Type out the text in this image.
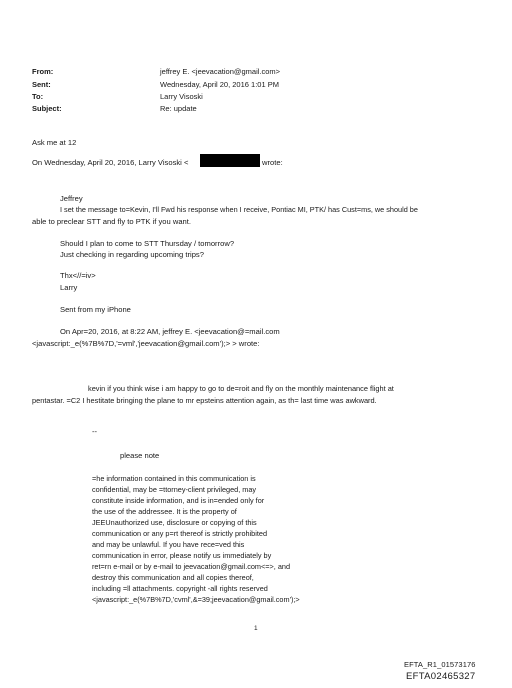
From:	jeffrey E. <jeevacation@gmail.com>
Sent:	Wednesday, April 20, 2016 1:01 PM
To:	Larry Visoski
Subject:	Re: update
Ask me at 12
On Wednesday, April 20, 2016, Larry Visoski <	wrote:
Jeffrey
I set the message to=Kevin, I'll Fwd his response when I receive, Pontiac MI, PTK/ has Cust=ms, we should be
able to preclear STT and fly to PTK if you want.
Should I plan to come to STT Thursday / tomorrow?
Just checking in regarding upcoming trips?
Thx<//=iv>
Larry
Sent from my iPhone
On Apr=20, 2016, at 8:22 AM, jeffrey E. <jeevacation@=mail.com
<javascript:_e(%7B%7D,'=vml','jeevacation@gmail.com');> > wrote:
kevin if you think wise i am happy to go to de=roit and fly on the monthly maintenance flight at
pentastar. =C2 I hestitate bringing the plane to mr epsteins attention again, as th= last time was awkward.
--
please note
=he information contained in this communication is
confidential, may be =ttorney-client privileged, may
constitute inside information, and is in=ended only for
the use of the addressee. It is the property of
JEEUnauthorized use, disclosure or copying of this
communication or any p=rt thereof is strictly prohibited
and may be unlawful. If you have rece=ved this
communication in error, please notify us immediately by
ret=rn e-mail or by e-mail to jeevacation@gmail.com<=>, and
destroy this communication and all copies thereof,
including =ll attachments. copyright -all rights reserved
<javascript:_e(%7B%7D,'cvml',&=39;jeevacation@gmail.com');>
1
EFTA_R1_01573176
EFTA02465327
